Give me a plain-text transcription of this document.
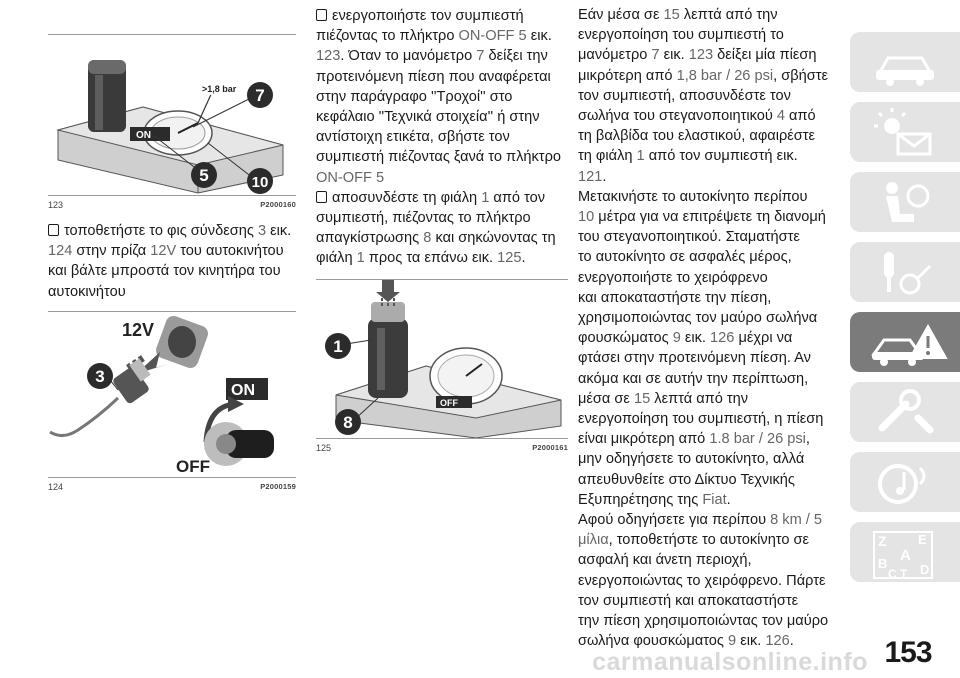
ON
>1,8 bar 7
5	10
123	P2000160

τοποθετήστε το φις σύνδεσης 3 εικ. 124 στην πρίζα 12V του αυτοκινήτου και βάλτε μπροστά τον κινητήρα του αυτοκινήτου

12V
3
ON
OFF
124	P2000159

ενεργοποιήστε τον συμπιεστή πιέζοντας το πλήκτρο ON-OFF 5 εικ. 123. Όταν το μανόμετρο 7 δείξει την προτεινόμενη πίεση που αναφέρεται στην παράγραφο ''Τροχοί'' στο κεφάλαιο ''Τεχνικά στοιχεία'' ή στην αντίστοιχη ετικέτα, σβήστε τον συμπιεστή πιέζοντας ξανά το πλήκτρο ON-OFF 5

αποσυνδέστε τη φιάλη 1 από τον συμπιεστή, πιέζοντας το πλήκτρο απαγκίστρωσης 8 και σηκώνοντας τη φιάλη 1 προς τα επάνω εικ. 125.

OFF
1
8
125	P2000161
Εάν μέσα σε 15 λεπτά από την
ενεργοποίηση του συμπιεστή το
μανόμετρο 7 εικ. 123 δείξει μία πίεση
μικρότερη από 1,8 bar / 26 psi, σβήστε
τον συμπιεστή, αποσυνδέστε τον
σωλήνα του στεγανοποιητικού 4 από
τη βαλβίδα του ελαστικού, αφαιρέστε
τη φιάλη 1 από τον συμπιεστή εικ. 121.
Μετακινήστε το αυτοκίνητο περίπου
10 μέτρα για να επιτρέψετε τη διανομή
του στεγανοποιητικού. Σταματήστε
το αυτοκίνητο σε ασφαλές μέρος,
ενεργοποιήστε το χειρόφρενο
και αποκαταστήστε την πίεση,
χρησιμοποιώντας τον μαύρο σωλήνα
φουσκώματος 9 εικ. 126 μέχρι να
φτάσει στην προτεινόμενη πίεση. Αν
ακόμα και σε αυτήν την περίπτωση,
μέσα σε 15 λεπτά από την
ενεργοποίηση του συμπιεστή, η πίεση
είναι μικρότερη από 1.8 bar / 26 psi,
μην οδηγήσετε το αυτοκίνητο, αλλά
απευθυνθείτε στο Δίκτυο Τεχνικής
Εξυπηρέτησης της Fiat.
Αφού οδηγήσετε για περίπου 8 km / 5
μίλια, τοποθετήστε το αυτοκίνητο σε
ασφαλή και άνετη περιοχή,
ενεργοποιώντας το χειρόφρενο. Πάρτε
τον συμπιεστή και αποκαταστήστε
την πίεση χρησιμοποιώντας τον μαύρο
σωλήνα φουσκώματος 9 εικ. 126.
Z E
A
B
C T D
153
carmanualsonline.info
